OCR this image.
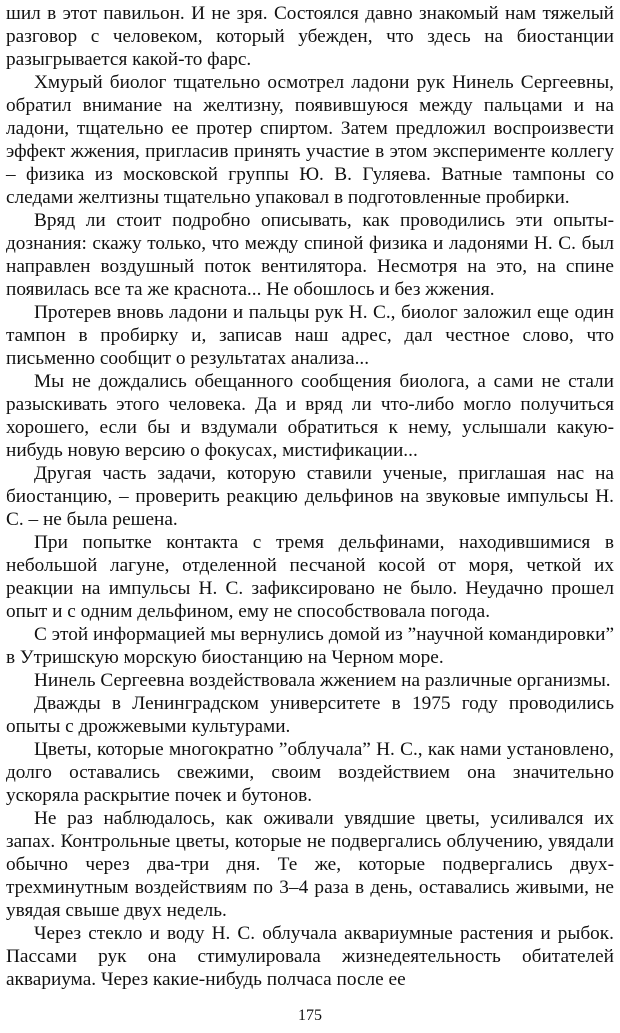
шил в этот павильон. И не зря. Состоялся давно знакомый нам тяжелый разговор с человеком, который убежден, что здесь на биостанции разыгрывается какой-то фарс.

Хмурый биолог тщательно осмотрел ладони рук Нинель Сергеевны, обратил внимание на желтизну, появившуюся между пальцами и на ладони, тщательно ее протер спиртом. Затем предложил воспроизвести эффект жжения, пригласив принять участие в этом эксперименте коллегу – физика из московской группы Ю. В. Гуляева. Ватные тампоны со следами желтизны тщательно упаковал в подготовленные пробирки.

Вряд ли стоит подробно описывать, как проводились эти опыты-дознания: скажу только, что между спиной физика и ладонями Н. С. был направлен воздушный поток вентилятора. Несмотря на это, на спине появилась все та же краснота... Не обошлось и без жжения.

Протерев вновь ладони и пальцы рук Н. С., биолог заложил еще один тампон в пробирку и, записав наш адрес, дал честное слово, что письменно сообщит о результатах анализа...

Мы не дождались обещанного сообщения биолога, а сами не стали разыскивать этого человека. Да и вряд ли что-либо могло получиться хорошего, если бы и вздумали обратиться к нему, услышали какую-нибудь новую версию о фокусах, мистификации...

Другая часть задачи, которую ставили ученые, приглашая нас на биостанцию, – проверить реакцию дельфинов на звуковые импульсы Н. С. – не была решена.

При попытке контакта с тремя дельфинами, находившимися в небольшой лагуне, отделенной песчаной косой от моря, четкой их реакции на импульсы Н. С. зафиксировано не было. Неудачно прошел опыт и с одним дельфином, ему не способствовала погода.

С этой информацией мы вернулись домой из ”научной командировки” в Утришскую морскую биостанцию на Черном море.

Нинель Сергеевна воздействовала жжением на различные организмы.

Дважды в Ленинградском университете в 1975 году проводились опыты с дрожжевыми культурами.

Цветы, которые многократно ”облучала” Н. С., как нами установлено, долго оставались свежими, своим воздействием она значительно ускоряла раскрытие почек и бутонов.

Не раз наблюдалось, как оживали увядшие цветы, усиливался их запах. Контрольные цветы, которые не подвергались облучению, увядали обычно через два-три дня. Те же, которые подвергались двух-трехминутным воздействиям по 3–4 раза в день, оставались живыми, не увядая свыше двух недель.

Через стекло и воду Н. С. облучала аквариумные растения и рыбок. Пассами рук она стимулировала жизнедеятельность обитателей аквариума. Через какие-нибудь полчаса после ее

175
